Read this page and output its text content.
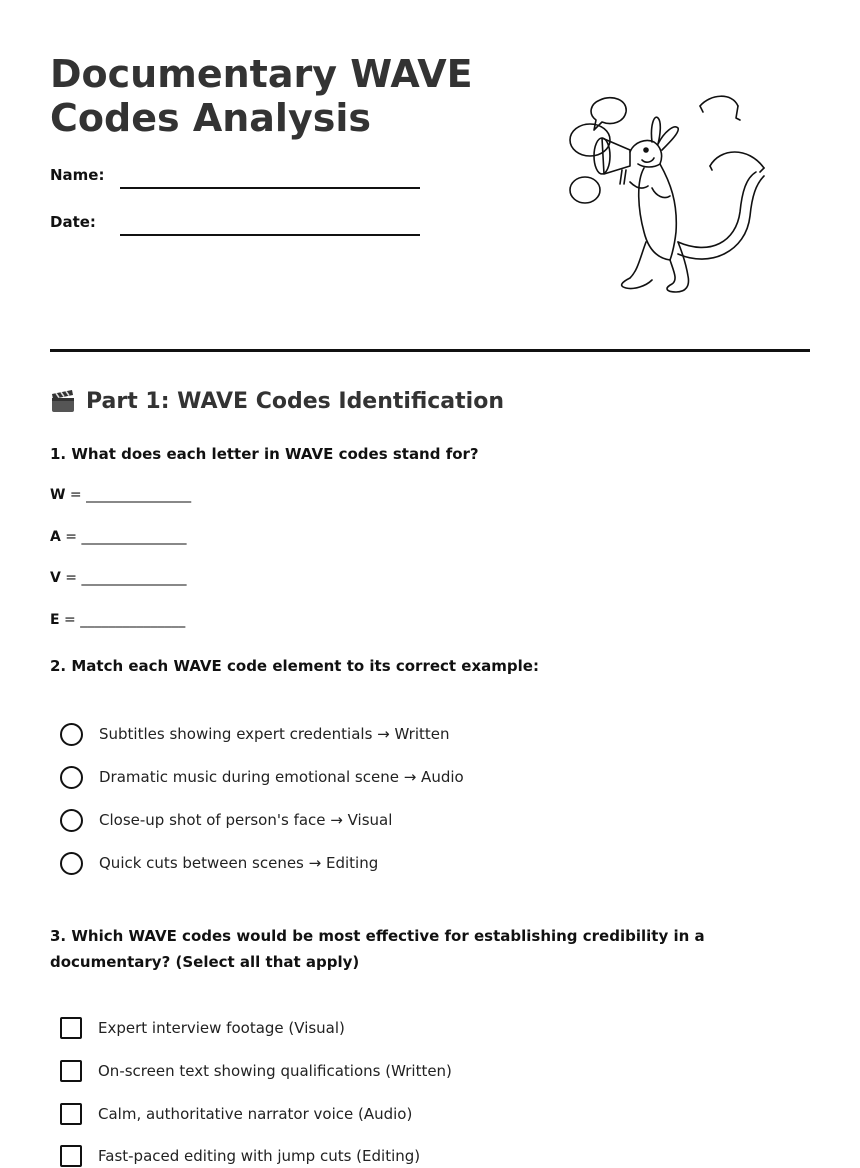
Documentary WAVE
Codes Analysis
Name:
Date:
Part 1: WAVE Codes Identification
1. What does each letter in WAVE codes stand for?
W = _______________
A = _______________
V = _______________
E = _______________
2. Match each WAVE code element to its correct example:
Subtitles showing expert credentials → Written
Dramatic music during emotional scene → Audio
Close-up shot of person's face → Visual
Quick cuts between scenes → Editing
3. Which WAVE codes would be most effective for establishing credibility in a documentary? (Select all that apply)
Expert interview footage (Visual)
On-screen text showing qualifications (Written)
Calm, authoritative narrator voice (Audio)
Fast-paced editing with jump cuts (Editing)
